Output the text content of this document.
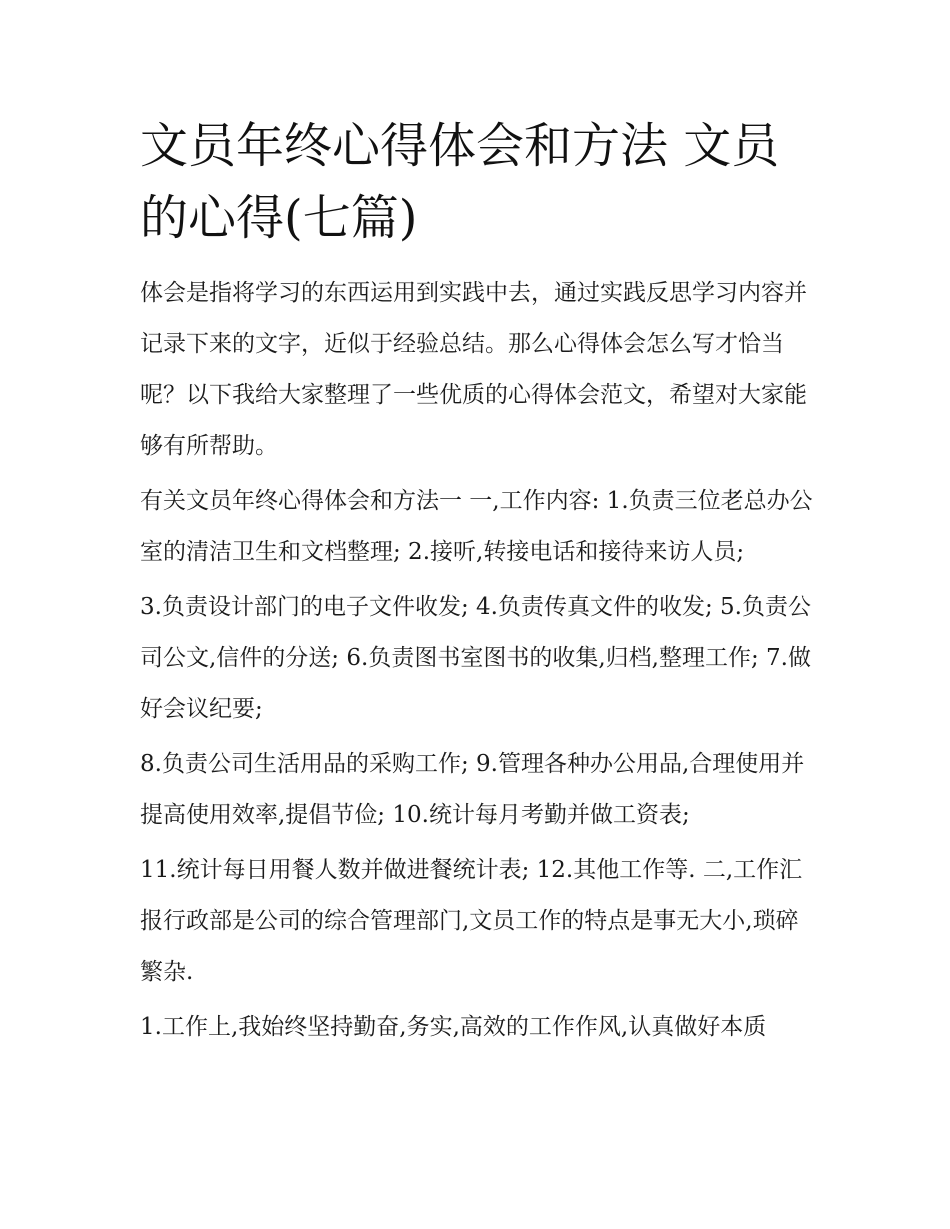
文员年终心得体会和方法 文员的心得(七篇)

体会是指将学习的东西运用到实践中去，通过实践反思学习内容并记录下来的文字，近似于经验总结。那么心得体会怎么写才恰当呢？以下我给大家整理了一些优质的心得体会范文，希望对大家能够有所帮助。

有关文员年终心得体会和方法一 一,工作内容: 1.负责三位老总办公室的清洁卫生和文档整理; 2.接听,转接电话和接待来访人员;

3.负责设计部门的电子文件收发; 4.负责传真文件的收发; 5.负责公司公文,信件的分送; 6.负责图书室图书的收集,归档,整理工作; 7.做好会议纪要;

8.负责公司生活用品的采购工作; 9.管理各种办公用品,合理使用并提高使用效率,提倡节俭; 10.统计每月考勤并做工资表;

11.统计每日用餐人数并做进餐统计表; 12.其他工作等. 二,工作汇报行政部是公司的综合管理部门,文员工作的特点是事无大小,琐碎繁杂.

1.工作上,我始终坚持勤奋,务实,高效的工作作风,认真做好本质
